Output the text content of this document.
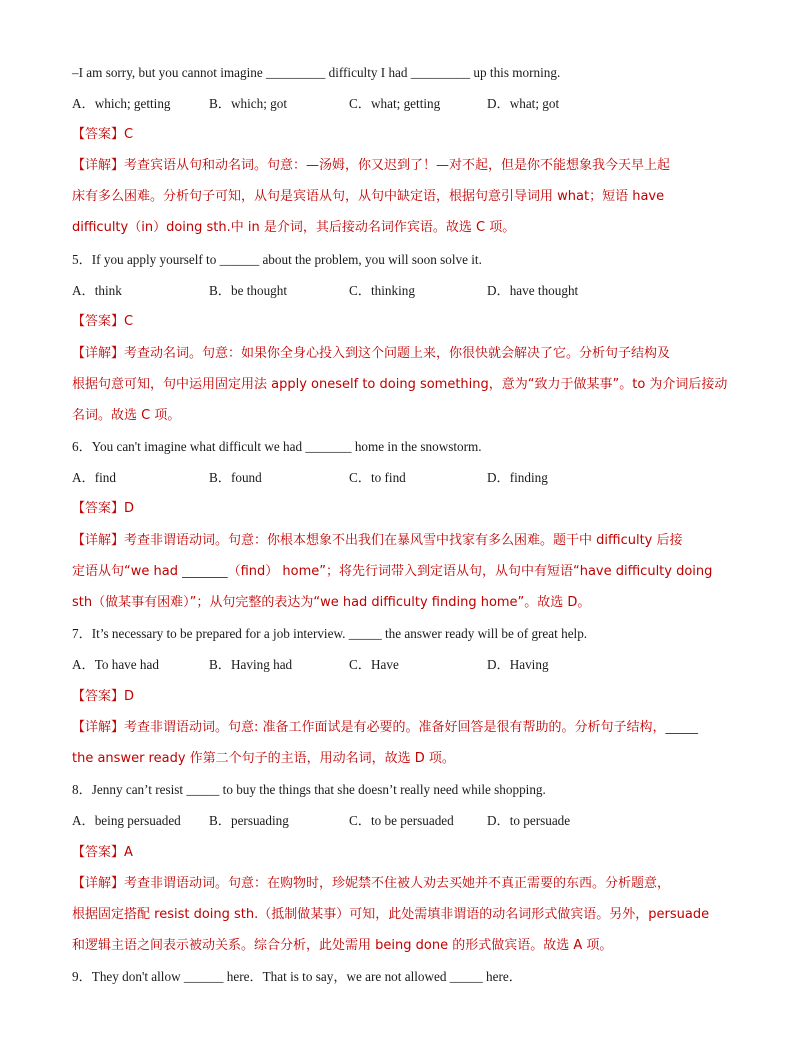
–I am sorry, but you cannot imagine _________ difficulty I had _________ up this morning.
A．which; getting	B．which; got	C．what; getting	D．what; got
【答案】C
【详解】考查宾语从句和动名词。句意：—汤姆，你又迟到了！—对不起，但是你不能想象我今天早上起
床有多么困难。分析句子可知，从句是宾语从句，从句中缺定语，根据句意引导词用 what；短语 have
difficulty（in）doing sth.中 in 是介词，其后接动名词作宾语。故选 C 项。
5．If you apply yourself to ______ about the problem, you will soon solve it.
A．think	B．be thought	C．thinking	D．have thought
【答案】C
【详解】考查动名词。句意：如果你全身心投入到这个问题上来，你很快就会解决了它。分析句子结构及
根据句意可知，句中运用固定用法 apply oneself to doing something，意为“致力于做某事”。to 为介词后接动
名词。故选 C 项。
6．You can't imagine what difficult we had _______ home in the snowstorm.
A．find	B．found	C．to find	D．finding
【答案】D
【详解】考查非谓语动词。句意：你根本想象不出我们在暴风雪中找家有多么困难。题干中 difficulty 后接
定语从句“we had _______（find） home”；将先行词带入到定语从句，从句中有短语“have difficulty doing
sth（做某事有困难）”；从句完整的表达为“we had difficulty finding home”。故选 D。
7．It’s necessary to be prepared for a job interview. _____ the answer ready will be of great help.
A．To have had	B．Having had	C．Have	D．Having
【答案】D
【详解】考查非谓语动词。句意: 准备工作面试是有必要的。准备好回答是很有帮助的。分析句子结构，_____
the answer ready 作第二个句子的主语，用动名词，故选 D 项。
8．Jenny can’t resist _____ to buy the things that she doesn’t really need while shopping.
A．being persuaded B．persuading	C．to be persuaded	D．to persuade
【答案】A
【详解】考查非谓语动词。句意：在购物时，珍妮禁不住被人劝去买她并不真正需要的东西。分析题意，
根据固定搭配 resist doing sth.（抵制做某事）可知，此处需填非谓语的动名词形式做宾语。另外，persuade
和逻辑主语之间表示被动关系。综合分析，此处需用 being done 的形式做宾语。故选 A 项。
9．They don't allow ______ here．That is to say，we are not allowed _____ here．
